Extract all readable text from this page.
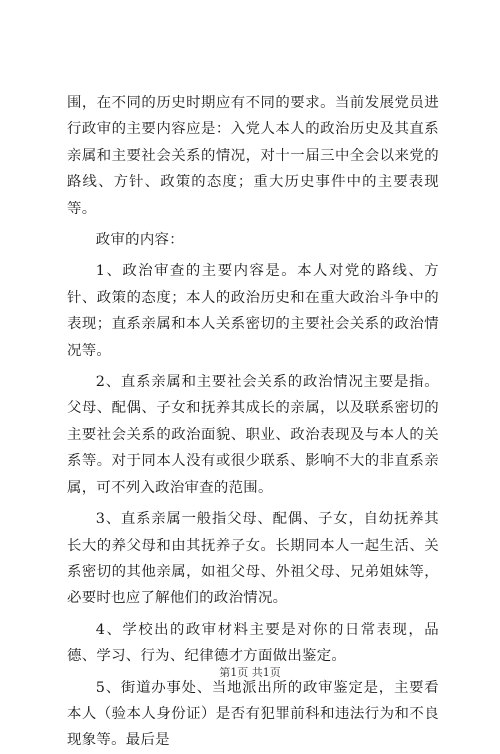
围，在不同的历史时期应有不同的要求。当前发展党员进行政审的主要内容应是：入党人本人的政治历史及其直系亲属和主要社会关系的情况，对十一届三中全会以来党的路线、方针、政策的态度；重大历史事件中的主要表现等。

政审的内容：

1、政治审查的主要内容是。本人对党的路线、方针、政策的态度；本人的政治历史和在重大政治斗争中的表现；直系亲属和本人关系密切的主要社会关系的政治情况等。

2、直系亲属和主要社会关系的政治情况主要是指。父母、配偶、子女和抚养其成长的亲属，以及联系密切的主要社会关系的政治面貌、职业、政治表现及与本人的关系等。对于同本人没有或很少联系、影响不大的非直系亲属，可不列入政治审查的范围。

3、直系亲属一般指父母、配偶、子女，自幼抚养其长大的养父母和由其抚养子女。长期同本人一起生活、关系密切的其他亲属，如祖父母、外祖父母、兄弟姐妹等，必要时也应了解他们的政治情况。

4、学校出的政审材料主要是对你的日常表现，品德、学习、行为、纪律德才方面做出鉴定。

5、街道办事处、当地派出所的政审鉴定是，主要看本人（验本人身份证）是否有犯罪前科和违法行为和不良现象等。最后是

第1页 共1页
